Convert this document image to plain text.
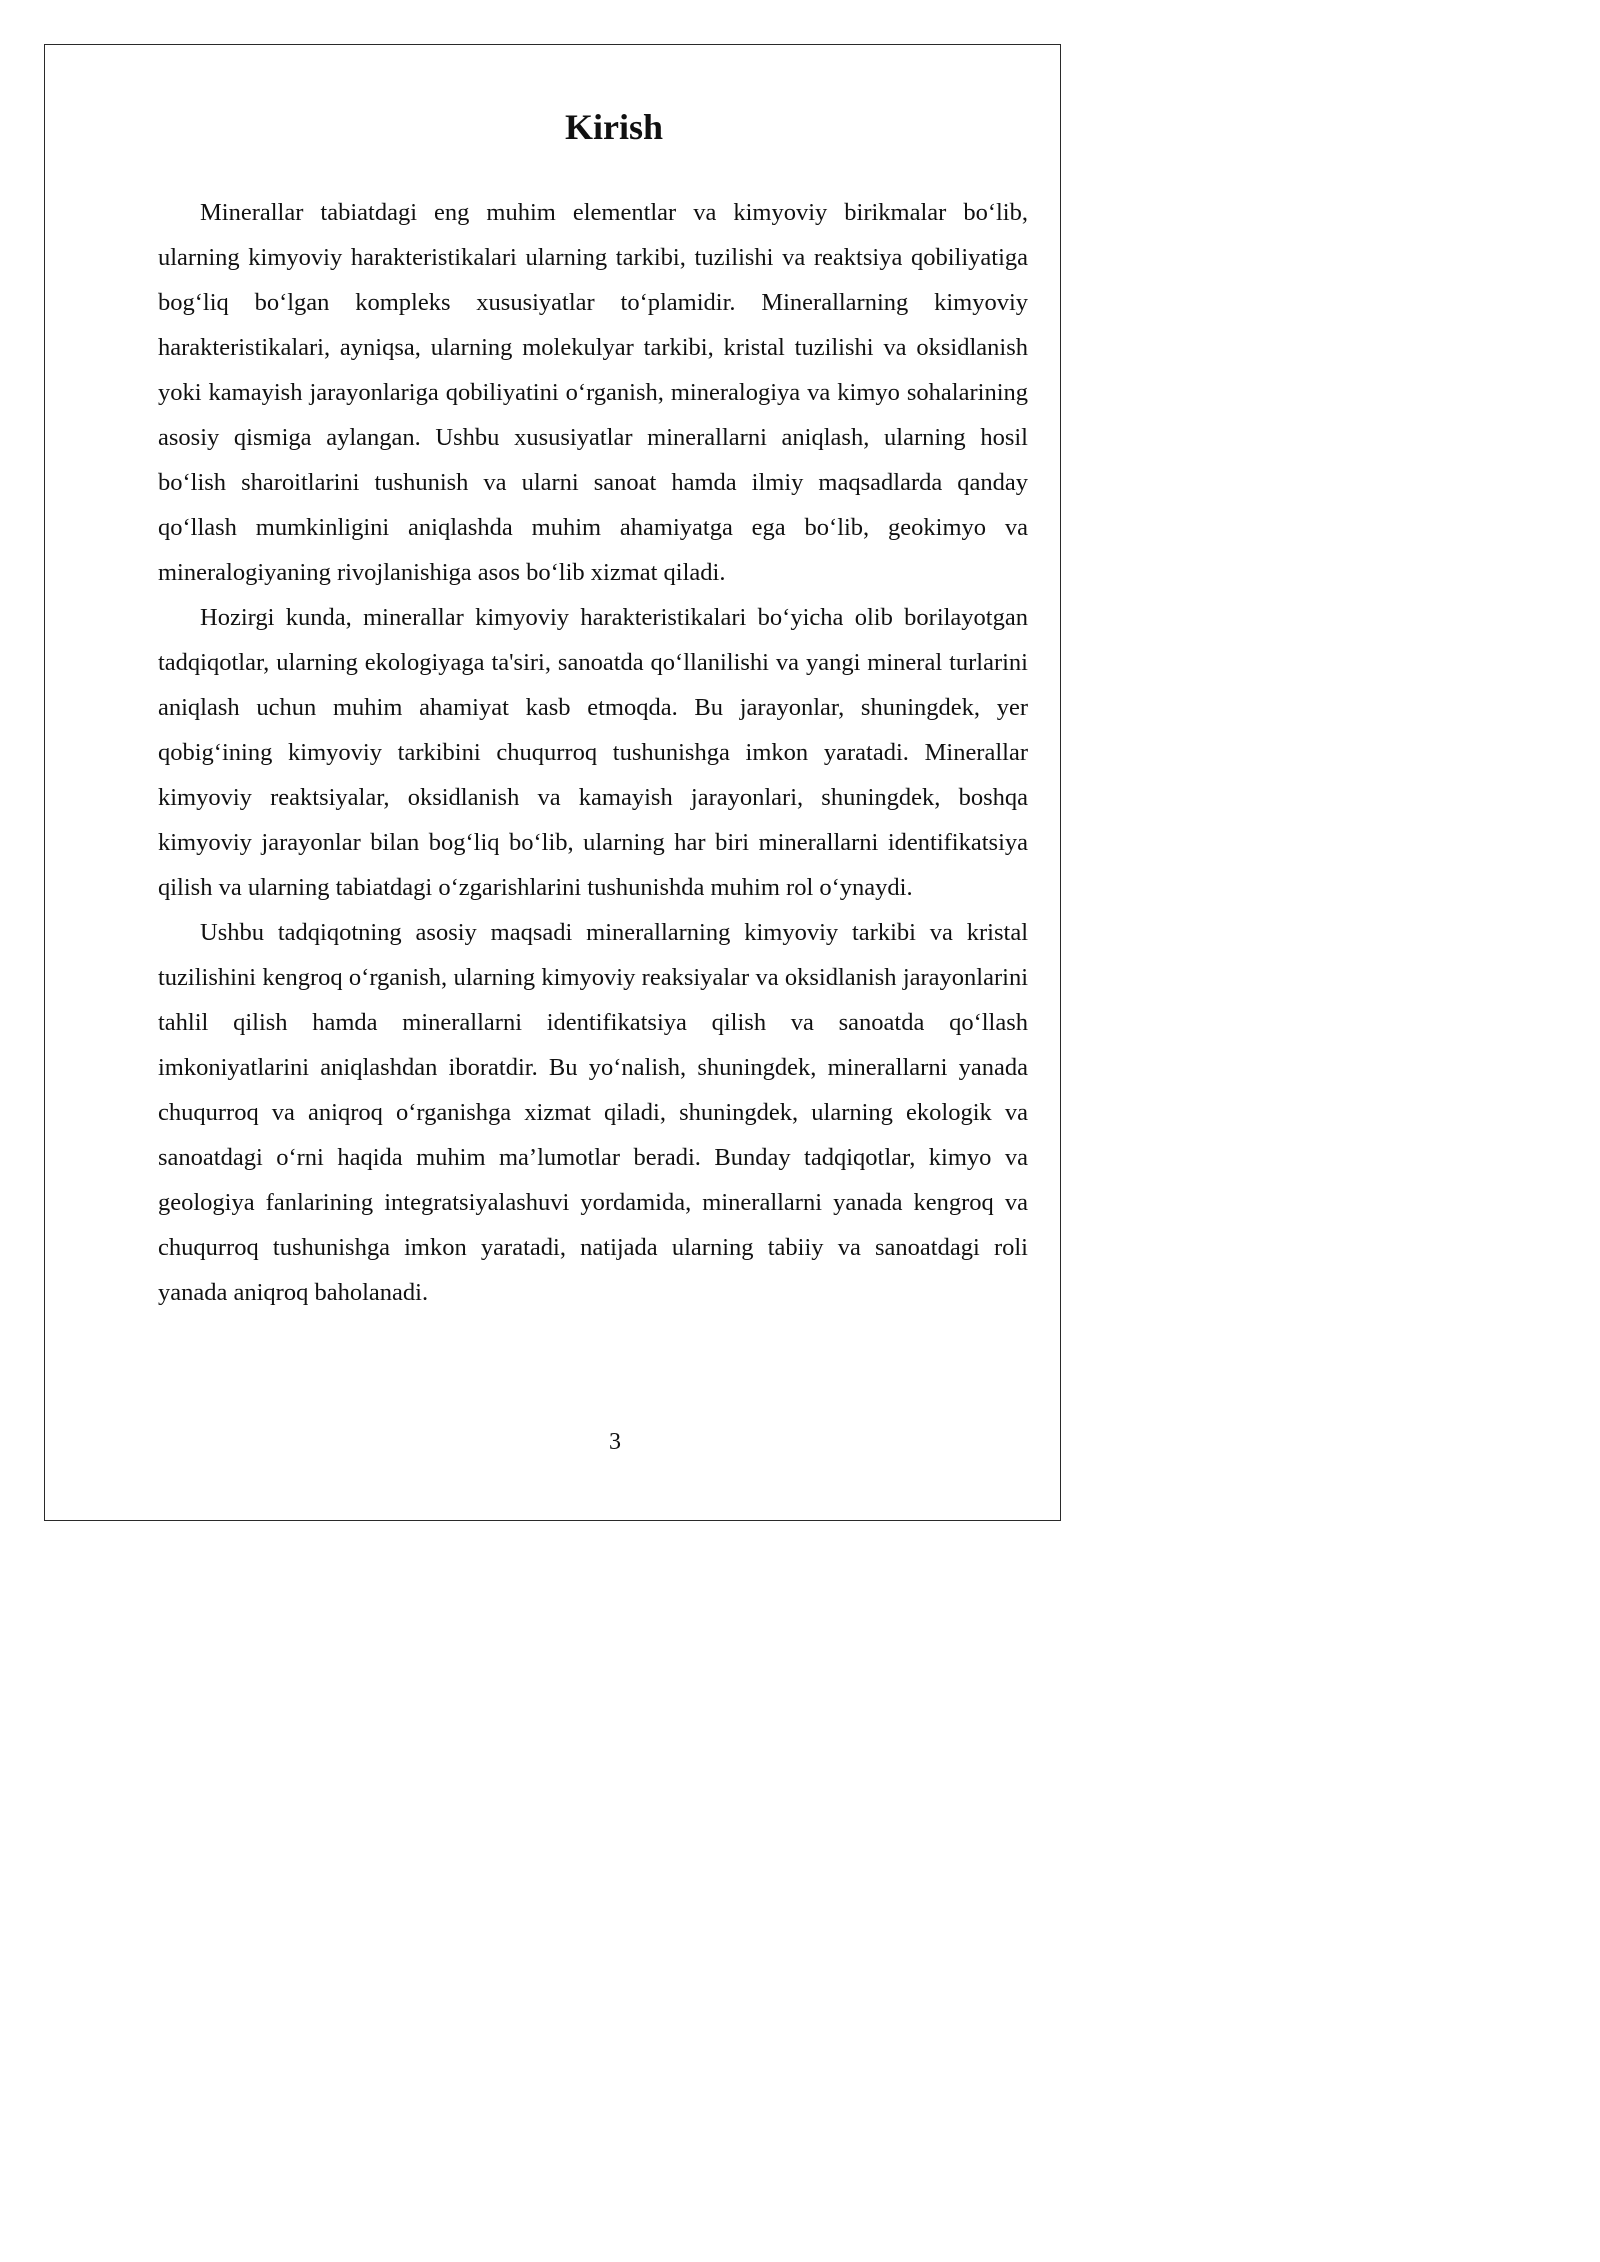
Kirish

Minerallar tabiatdagi eng muhim elementlar va kimyoviy birikmalar bo‘lib, ularning kimyoviy harakteristikalari ularning tarkibi, tuzilishi va reaktsiya qobiliyatiga bog‘liq bo‘lgan kompleks xususiyatlar to‘plamidir. Minerallarning kimyoviy harakteristikalari, ayniqsa, ularning molekulyar tarkibi, kristal tuzilishi va oksidlanish yoki kamayish jarayonlariga qobiliyatini o‘rganish, mineralogiya va kimyo sohalarining asosiy qismiga aylangan. Ushbu xususiyatlar minerallarni aniqlash, ularning hosil bo‘lish sharoitlarini tushunish va ularni sanoat hamda ilmiy maqsadlarda qanday qo‘llash mumkinligini aniqlashda muhim ahamiyatga ega bo‘lib, geokimyo va mineralogiyaning rivojlanishiga asos bo‘lib xizmat qiladi.

Hozirgi kunda, minerallar kimyoviy harakteristikalari bo‘yicha olib borilayotgan tadqiqotlar, ularning ekologiyaga ta'siri, sanoatda qo‘llanilishi va yangi mineral turlarini aniqlash uchun muhim ahamiyat kasb etmoqda. Bu jarayonlar, shuningdek, yer qobig‘ining kimyoviy tarkibini chuqurroq tushunishga imkon yaratadi. Minerallar kimyoviy reaktsiyalar, oksidlanish va kamayish jarayonlari, shuningdek, boshqa kimyoviy jarayonlar bilan bog‘liq bo‘lib, ularning har biri minerallarni identifikatsiya qilish va ularning tabiatdagi o‘zgarishlarini tushunishda muhim rol o‘ynaydi.

Ushbu tadqiqotning asosiy maqsadi minerallarning kimyoviy tarkibi va kristal tuzilishini kengroq o‘rganish, ularning kimyoviy reaksiyalar va oksidlanish jarayonlarini tahlil qilish hamda minerallarni identifikatsiya qilish va sanoatda qo‘llash imkoniyatlarini aniqlashdan iboratdir. Bu yo‘nalish, shuningdek, minerallarni yanada chuqurroq va aniqroq o‘rganishga xizmat qiladi, shuningdek, ularning ekologik va sanoatdagi o‘rni haqida muhim ma’lumotlar beradi. Bunday tadqiqotlar, kimyo va geologiya fanlarining integratsiyalashuvi yordamida, minerallarni yanada kengroq va chuqurroq tushunishga imkon yaratadi, natijada ularning tabiiy va sanoatdagi roli yanada aniqroq baholanadi.

3
